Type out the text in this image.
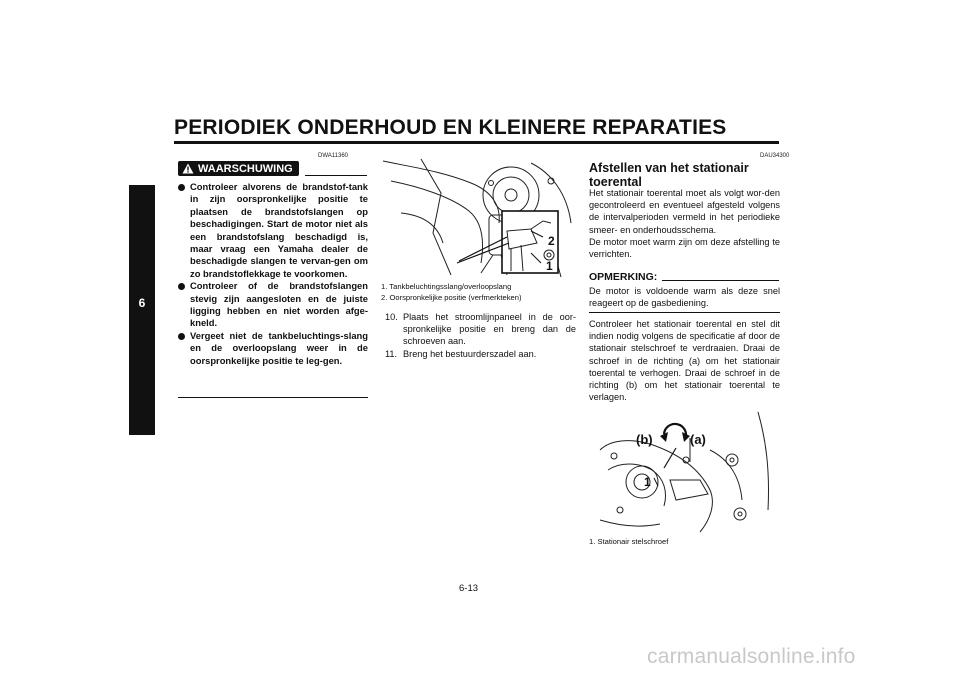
PERIODIEK ONDERHOUD EN KLEINERE REPARATIES
6
DWA11360
WAARSCHUWING
Controleer alvorens de brandstof-tank in zijn oorspronkelijke positie te plaatsen de brandstofslangen op beschadigingen. Start de motor niet als een brandstofslang beschadigd is, maar vraag een Yamaha dealer de beschadigde slangen te vervan-gen om zo brandstoflekkage te voorkomen.
Controleer of de brandstofslangen stevig zijn aangesloten en de juiste ligging hebben en niet worden afge-kneld.
Vergeet niet de tankbeluchtings-slang en de overloopslang weer in de oorspronkelijke positie te leg-gen.
2
1
1. Tankbeluchtingsslang/overloopslang
2. Oorspronkelijke positie (verfmerkteken)
10. Plaats het stroomlijnpaneel in de oor-spronkelijke positie en breng dan de schroeven aan.
11. Breng het bestuurderszadel aan.
DAU34300
Afstellen van het stationair toerental
Het stationair toerental moet als volgt wor-den gecontroleerd en eventueel afgesteld volgens de intervalperioden vermeld in het periodieke smeer- en onderhoudsschema.
De motor moet warm zijn om deze afstelling te verrichten.
OPMERKING:
De motor is voldoende warm als deze snel reageert op de gasbediening.
Controleer het stationair toerental en stel dit indien nodig volgens de specificatie af door de stationair stelschroef te verdraaien. Draai de schroef in de richting (a) om het stationair toerental te verhogen. Draai de schroef in de richting (b) om het stationair toerental te verlagen.
(b)	(a)
1
1. Stationair stelschroef
6-13
carmanualsonline.info
